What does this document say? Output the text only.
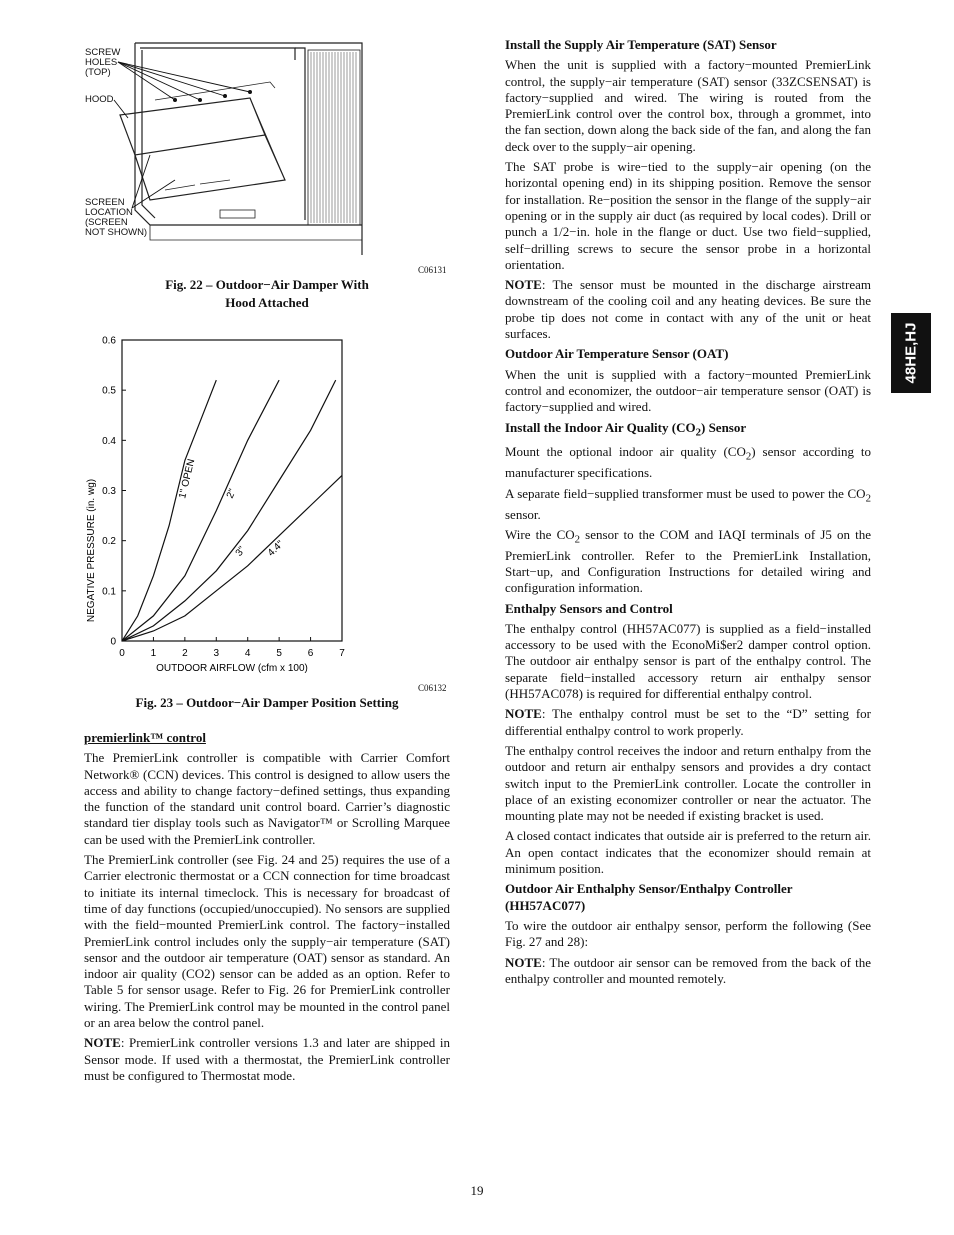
SCREW
HOLES
(TOP)
HOOD
SCREEN
LOCATION
(SCREEN
NOT SHOWN)
C06131
Fig. 22 – Outdoor−Air Damper With
Hood Attached
0	1	2	3	4	5	6	7
0
0.1
0.2
0.3
0.4
0.5
0.6
OUTDOOR AIRFLOW (cfm x 100)
NEGATIVE PRESSURE (in. wg)
1" OPEN	2"
3" 4.4"
C06132
Fig. 23 – Outdoor−Air Damper Position Setting
premierlink™ control

The PremierLink controller is compatible with Carrier Comfort Network® (CCN) devices. This control is designed to allow users the access and ability to change factory−defined settings, thus expanding the function of the standard unit control board. Carrier’s diagnostic standard tier display tools such as Navigator™ or Scrolling Marquee can be used with the PremierLink controller.

The PremierLink controller (see Fig. 24 and 25) requires the use of a Carrier electronic thermostat or a CCN connection for time broadcast to initiate its internal timeclock. This is necessary for broadcast of time of day functions (occupied/unoccupied). No sensors are supplied with the field−mounted PremierLink control. The factory−installed PremierLink control includes only the supply−air temperature (SAT) sensor and the outdoor air temperature (OAT) sensor as standard. An indoor air quality (CO2) sensor can be added as an option. Refer to Table 5 for sensor usage. Refer to Fig. 26 for PremierLink controller wiring. The PremierLink control may be mounted in the control panel or an area below the control panel.

NOTE: PremierLink controller versions 1.3 and later are shipped in Sensor mode. If used with a thermostat, the PremierLink controller must be configured to Thermostat mode.

Install the Supply Air Temperature (SAT) Sensor

When the unit is supplied with a factory−mounted PremierLink control, the supply−air temperature (SAT) sensor (33ZCSENSAT) is factory−supplied and wired. The wiring is routed from the PremierLink control over the control box, through a grommet, into the fan section, down along the back side of the fan, and along the fan deck over to the supply−air opening.

The SAT probe is wire−tied to the supply−air opening (on the horizontal opening end) in its shipping position. Remove the sensor for installation. Re−position the sensor in the flange of the supply−air opening or in the supply air duct (as required by local codes). Drill or punch a 1/2−in. hole in the flange or duct. Use two field−supplied, self−drilling screws to secure the sensor probe in a horizontal orientation.

NOTE: The sensor must be mounted in the discharge airstream downstream of the cooling coil and any heating devices. Be sure the probe tip does not come in contact with any of the unit or heat surfaces.

Outdoor Air Temperature Sensor (OAT)

When the unit is supplied with a factory−mounted PremierLink control and economizer, the outdoor−air temperature sensor (OAT) is factory−supplied and wired.

Install the Indoor Air Quality $(CO_2)$ Sensor

Mount the optional indoor air quality $(CO_2)$ sensor according to manufacturer specifications.

A separate field−supplied transformer must be used to power the $CO_2$ sensor.

Wire the $CO_2$ sensor to the COM and IAQI terminals of J5 on the PremierLink controller. Refer to the PremierLink Installation, Start−up, and Configuration Instructions for detailed wiring and configuration information.

Enthalpy Sensors and Control

The enthalpy control (HH57AC077) is supplied as a field−installed accessory to be used with the EconoMi$er2 damper control option. The outdoor air enthalpy sensor is part of the enthalpy control. The separate field−installed accessory return air enthalpy sensor (HH57AC078) is required for differential enthalpy control.

NOTE: The enthalpy control must be set to the “D” setting for differential enthalpy control to work properly.

The enthalpy control receives the indoor and return enthalpy from the outdoor and return air enthalpy sensors and provides a dry contact switch input to the PremierLink controller. Locate the controller in place of an existing economizer controller or near the actuator. The mounting plate may not be needed if existing bracket is used.

A closed contact indicates that outside air is preferred to the return air. An open contact indicates that the economizer should remain at minimum position.

Outdoor Air Enthalphy Sensor/Enthalpy Controller (HH57AC077)

To wire the outdoor air enthalpy sensor, perform the following (See Fig. 27 and 28):

NOTE: The outdoor air sensor can be removed from the back of the enthalpy controller and mounted remotely.

48HE,HJ
19
